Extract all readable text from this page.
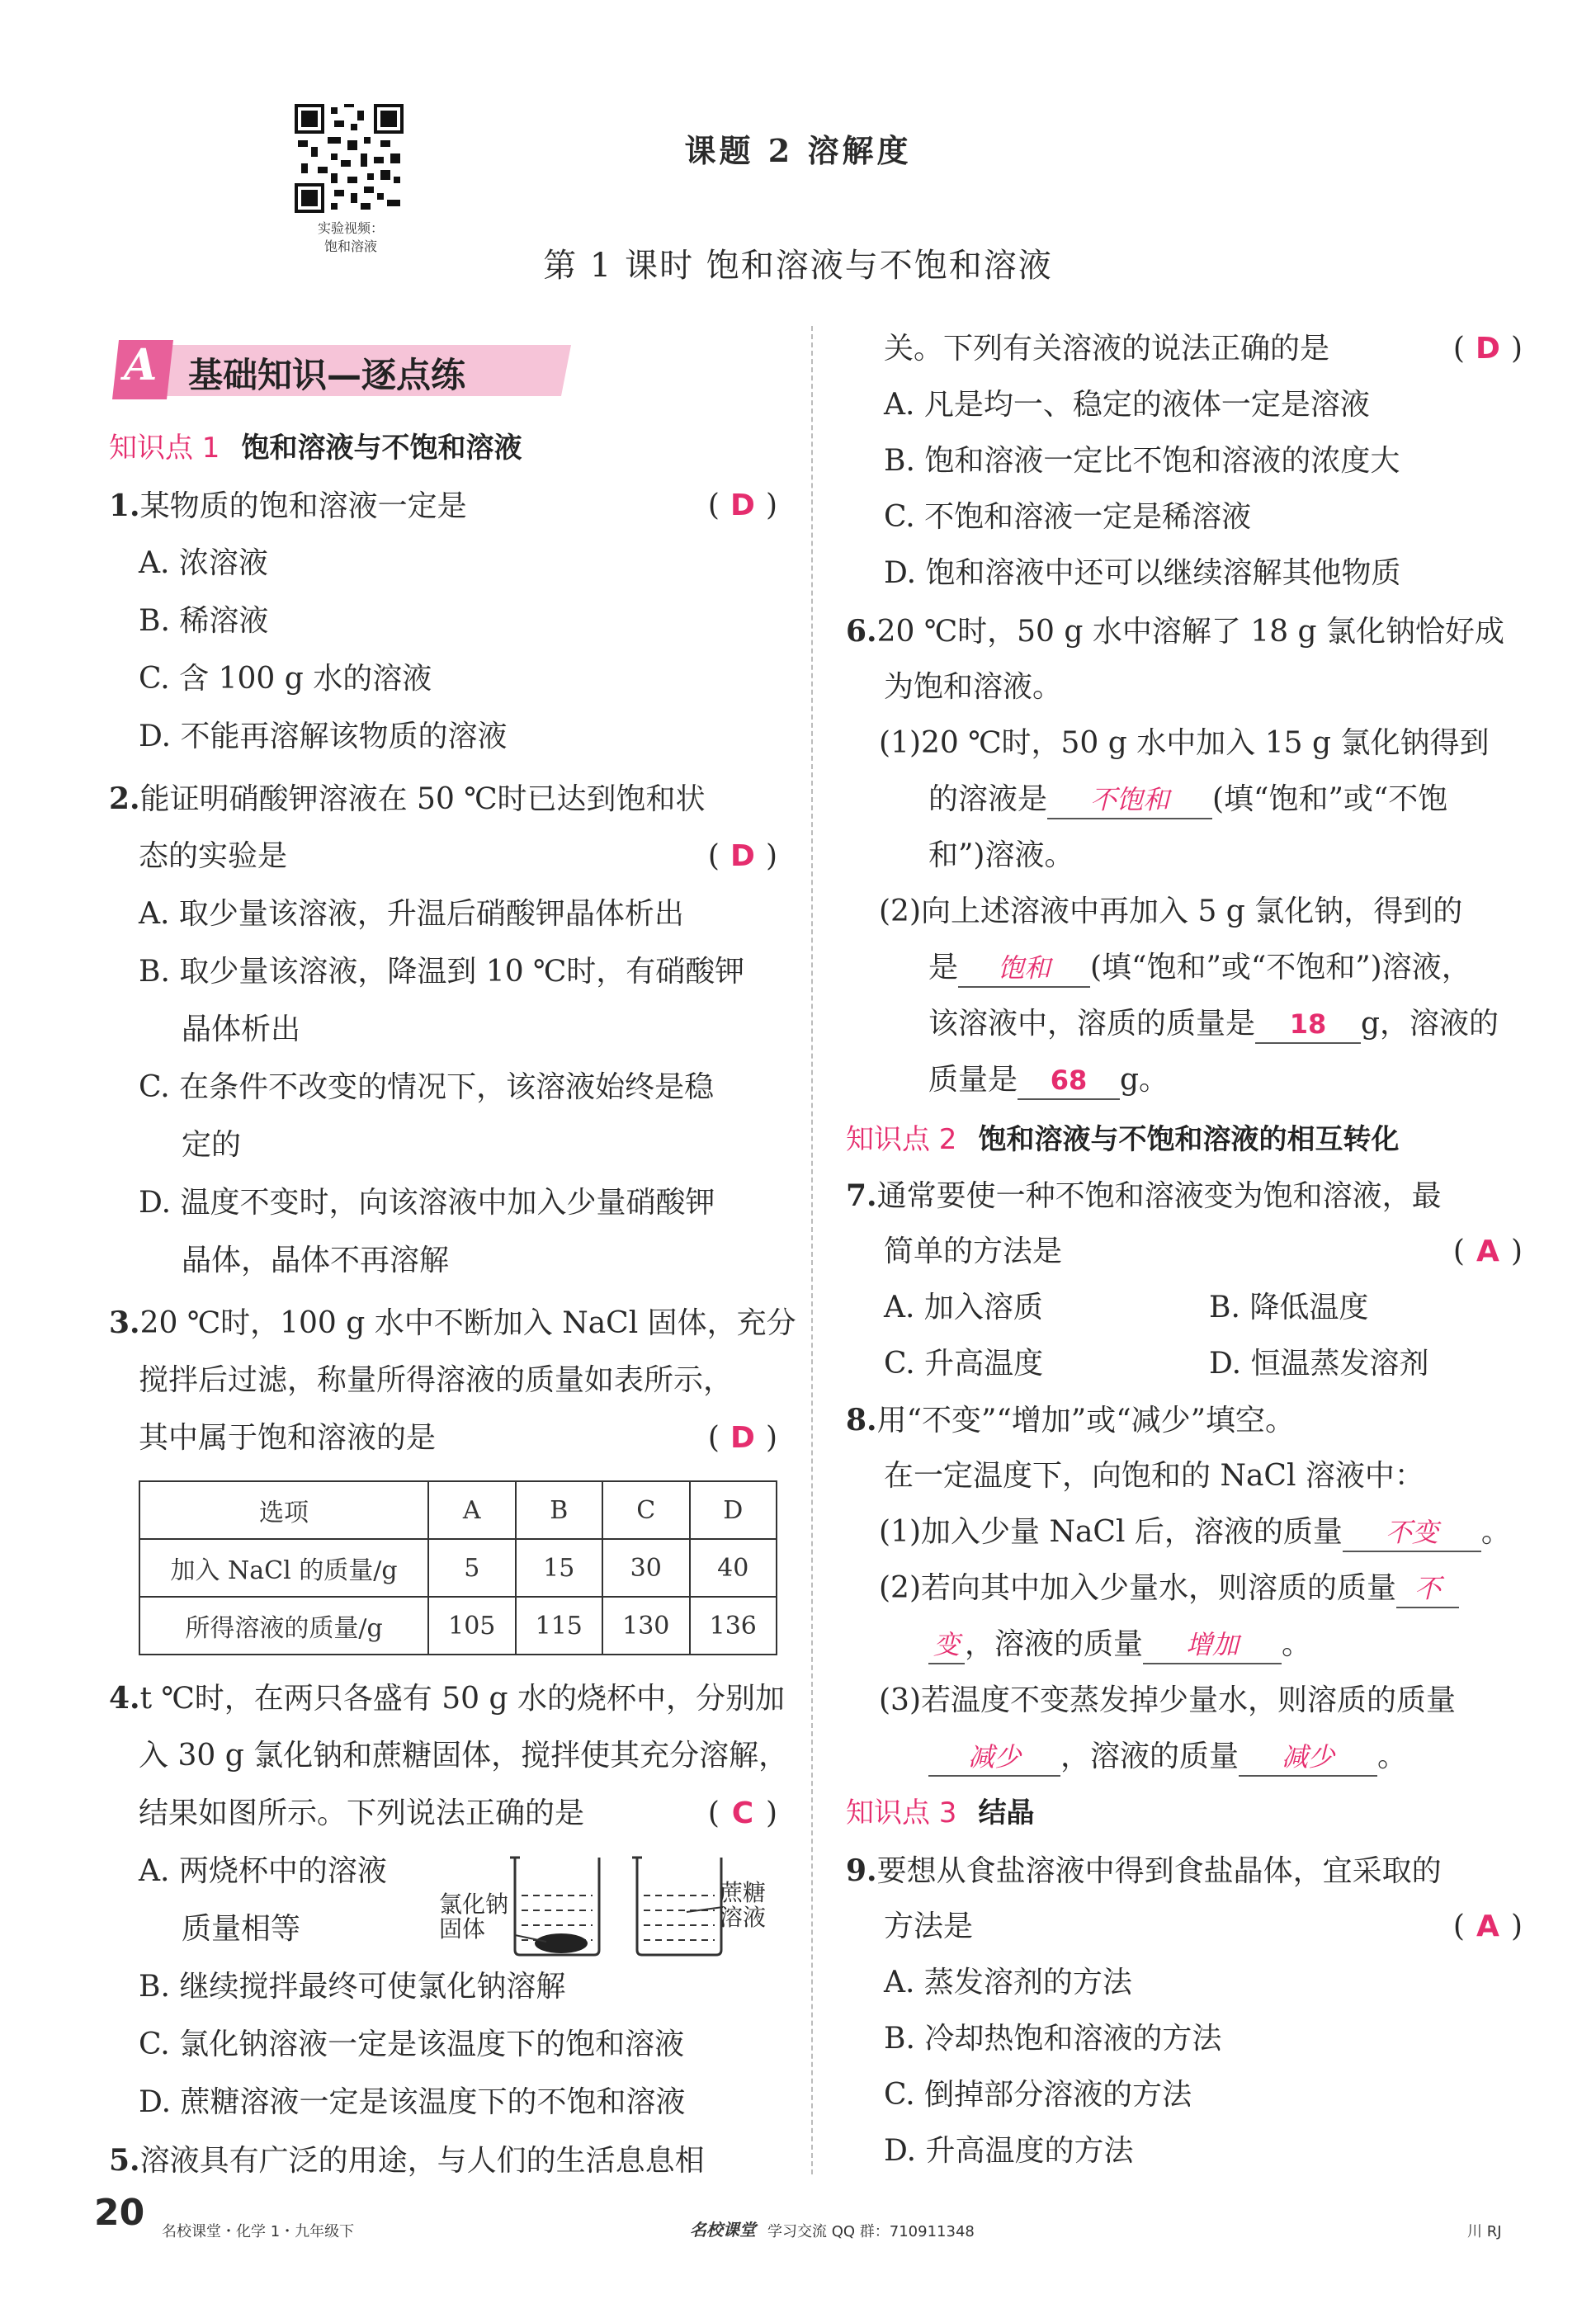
实验视频：
饱和溶液
课题 2 溶解度
第 1 课时 饱和溶液与不饱和溶液
A 基础知识—逐点练
知识点 1 饱和溶液与不饱和溶液
1.某物质的饱和溶液一定是	( D )
A. 浓溶液
B. 稀溶液
C. 含 100 g 水的溶液
D. 不能再溶解该物质的溶液
2.能证明硝酸钾溶液在 50 ℃时已达到饱和状
态的实验是	( D )
A. 取少量该溶液，升温后硝酸钾晶体析出
B. 取少量该溶液，降温到 10 ℃时，有硝酸钾
晶体析出
C. 在条件不改变的情况下，该溶液始终是稳
定的
D. 温度不变时，向该溶液中加入少量硝酸钾
晶体，晶体不再溶解
3.20 ℃时，100 g 水中不断加入 NaCl 固体，充分
搅拌后过滤，称量所得溶液的质量如表所示，
其中属于饱和溶液的是	( D )
选项	A	B	C	D
加入 NaCl 的质量/g	5	15	30	40
所得溶液的质量/g	105	115	130	136
4.t ℃时，在两只各盛有 50 g 水的烧杯中，分别加
入 30 g 氯化钠和蔗糖固体，搅拌使其充分溶解，
结果如图所示。下列说法正确的是	( C )
A. 两烧杯中的溶液
质量相等
氯化钠
固体
蔗糖
溶液
B. 继续搅拌最终可使氯化钠溶解
C. 氯化钠溶液一定是该温度下的饱和溶液
D. 蔗糖溶液一定是该温度下的不饱和溶液
5.溶液具有广泛的用途，与人们的生活息息相
关。下列有关溶液的说法正确的是	( D )
A. 凡是均一、稳定的液体一定是溶液
B. 饱和溶液一定比不饱和溶液的浓度大
C. 不饱和溶液一定是稀溶液
D. 饱和溶液中还可以继续溶解其他物质
6.20 ℃时，50 g 水中溶解了 18 g 氯化钠恰好成
为饱和溶液。
(1)20 ℃时，50 g 水中加入 15 g 氯化钠得到
的溶液是 不饱和 (填“饱和”或“不饱
和”)溶液。
(2)向上述溶液中再加入 5 g 氯化钠，得到的
是 饱和 (填“饱和”或“不饱和”)溶液，
该溶液中，溶质的质量是 18 g，溶液的
质量是 68 g。
知识点 2 饱和溶液与不饱和溶液的相互转化
7.通常要使一种不饱和溶液变为饱和溶液，最
简单的方法是	( A )
A. 加入溶质	B. 降低温度
C. 升高温度	D. 恒温蒸发溶剂
8.用“不变”“增加”或“减少”填空。
在一定温度下，向饱和的 NaCl 溶液中：
(1)加入少量 NaCl 后，溶液的质量 不变 。
(2)若向其中加入少量水，则溶质的质量 不
变 ，溶液的质量 增加 。
(3)若温度不变蒸发掉少量水，则溶质的质量
减少 ，溶液的质量 减少 。
知识点 3 结晶
9.要想从食盐溶液中得到食盐晶体，宜采取的
方法是	( A )
A. 蒸发溶剂的方法
B. 冷却热饱和溶液的方法
C. 倒掉部分溶液的方法
D. 升高温度的方法
20 名校课堂・化学 1・九年级下	名校课堂 学习交流 QQ 群：710911348	川 RJ
